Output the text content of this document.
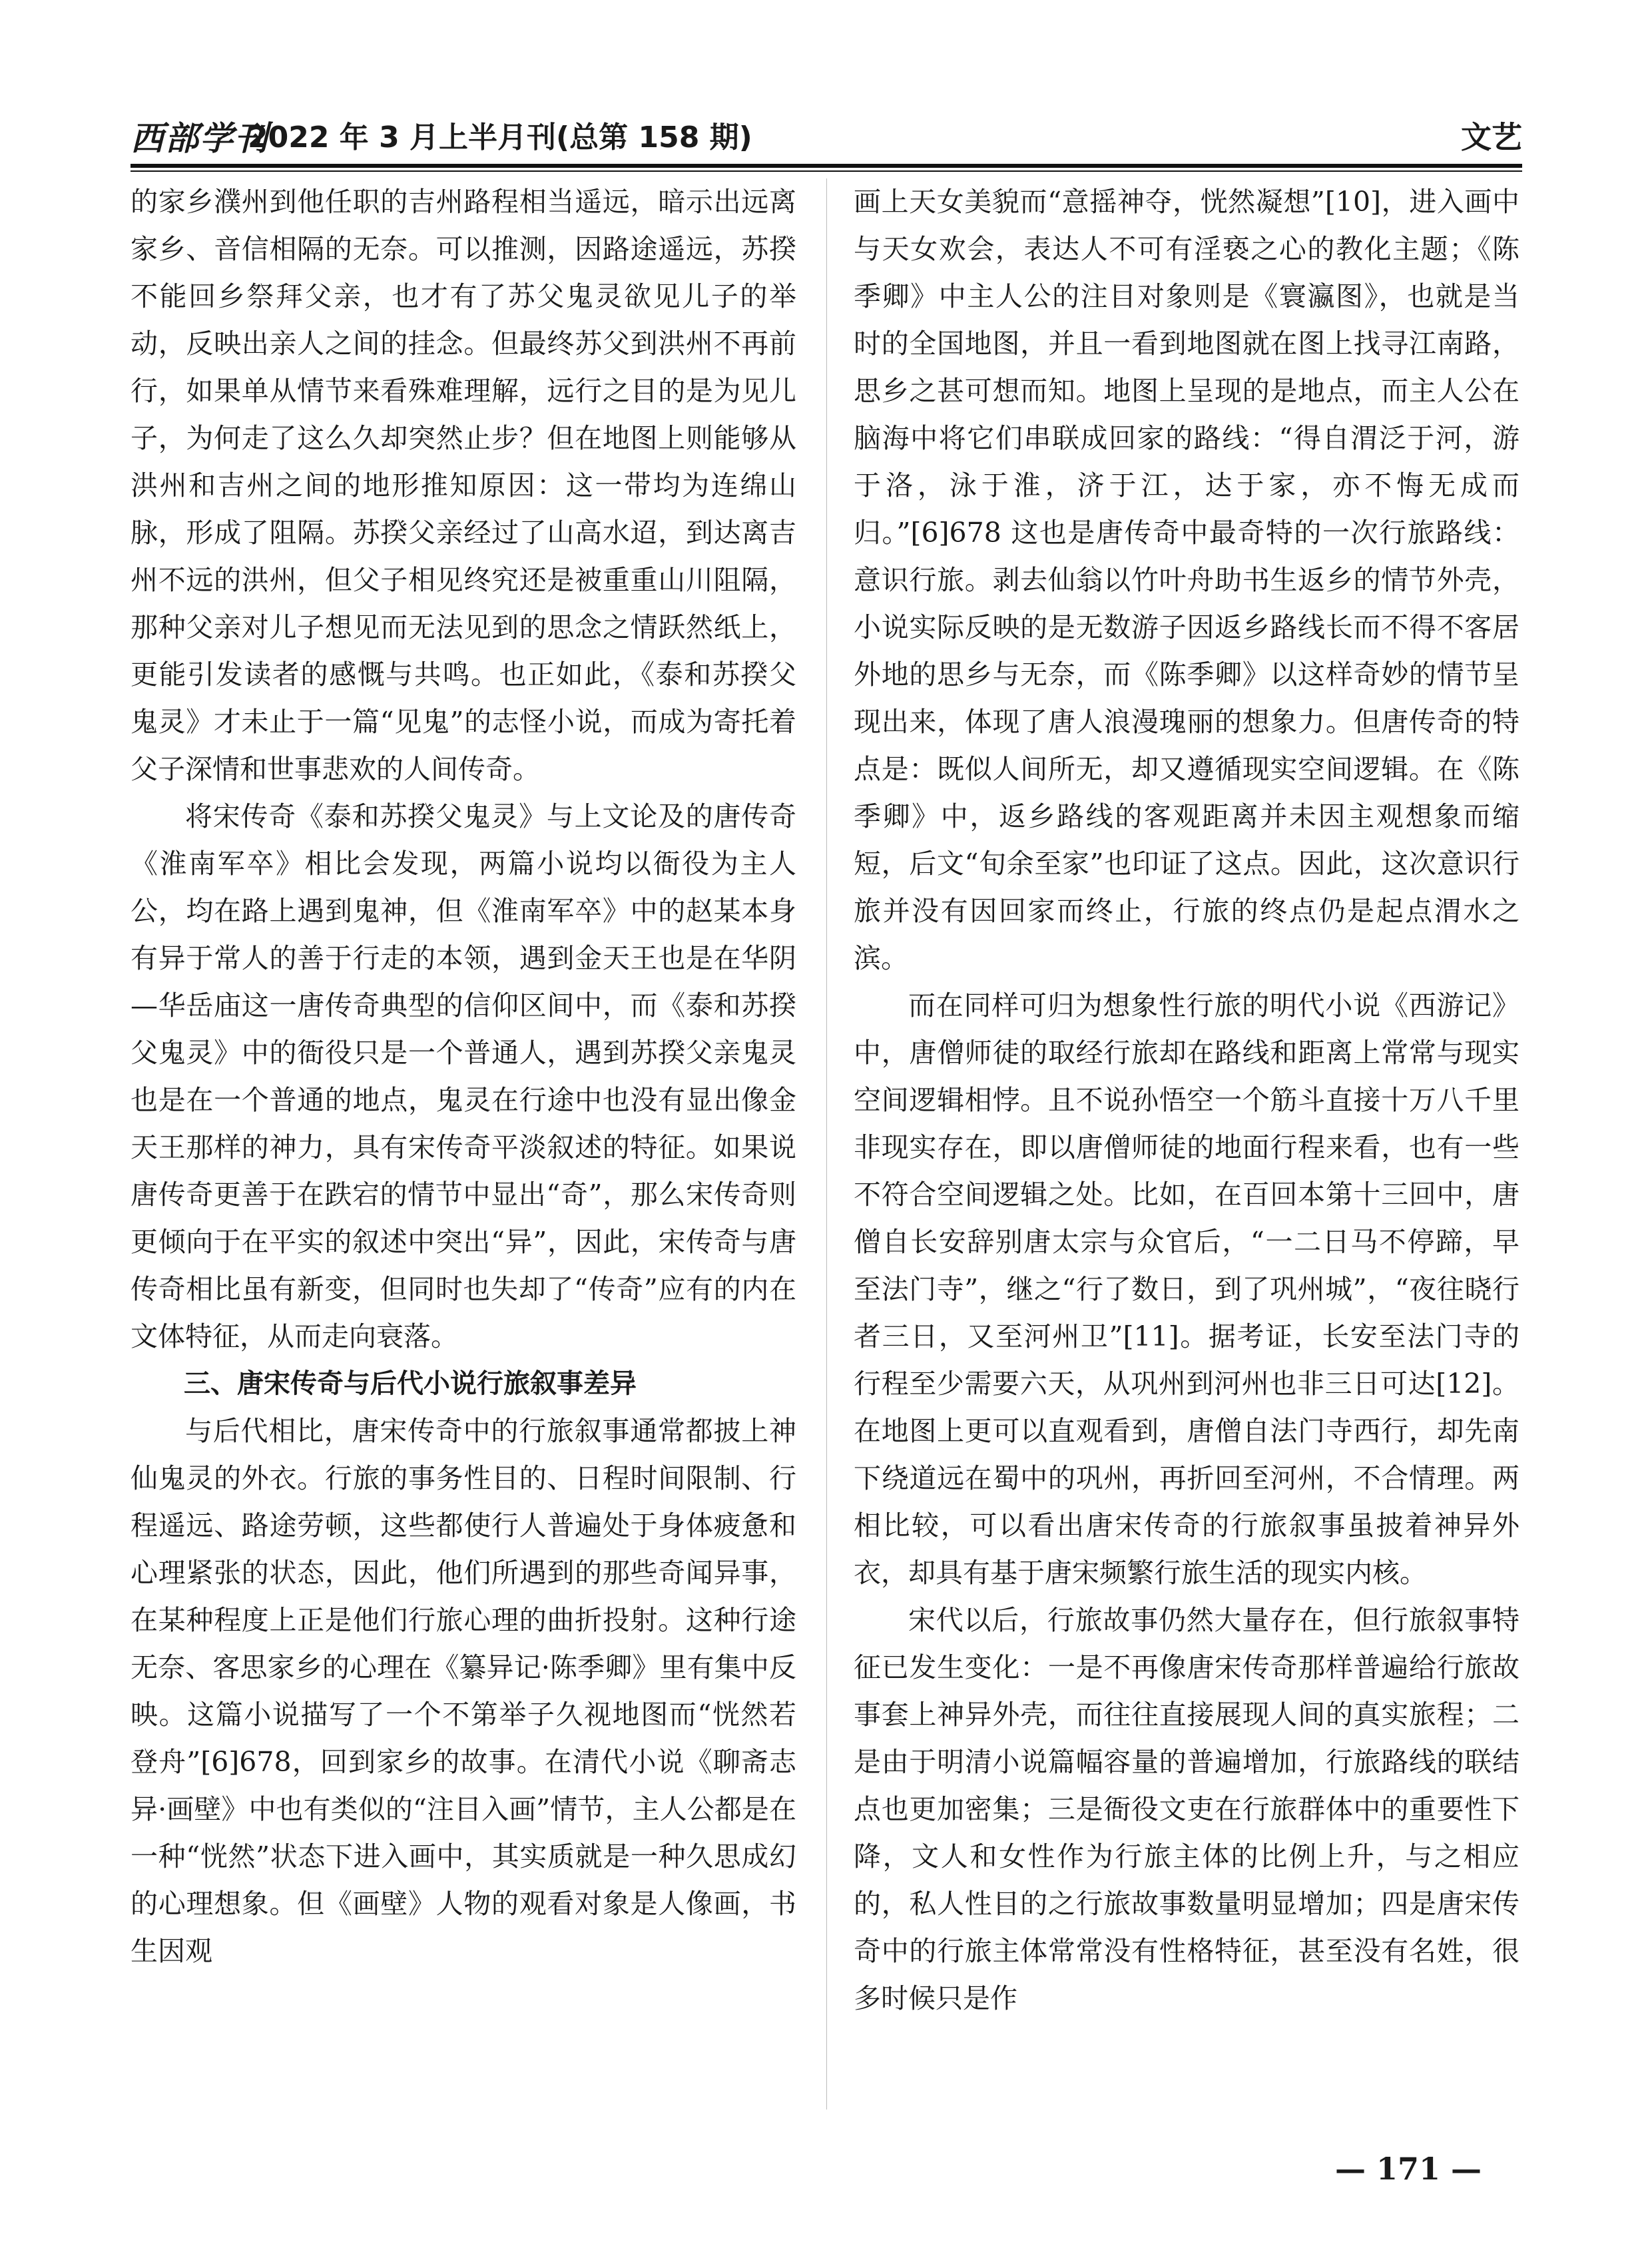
西部学刊
2022 年 3 月上半月刊(总第 158 期)	文艺

的家乡濮州到他任职的吉州路程相当遥远，暗示出远离家乡、音信相隔的无奈。可以推测，因路途遥远，苏揆不能回乡祭拜父亲，也才有了苏父鬼灵欲见儿子的举动，反映出亲人之间的挂念。但最终苏父到洪州不再前行，如果单从情节来看殊难理解，远行之目的是为见儿子，为何走了这么久却突然止步？但在地图上则能够从洪州和吉州之间的地形推知原因：这一带均为连绵山脉，形成了阻隔。苏揆父亲经过了山高水迢，到达离吉州不远的洪州，但父子相见终究还是被重重山川阻隔，那种父亲对儿子想见而无法见到的思念之情跃然纸上，更能引发读者的感慨与共鸣。也正如此，《泰和苏揆父鬼灵》才未止于一篇“见鬼”的志怪小说，而成为寄托着父子深情和世事悲欢的人间传奇。

将宋传奇《泰和苏揆父鬼灵》与上文论及的唐传奇《淮南军卒》相比会发现，两篇小说均以衙役为主人公，均在路上遇到鬼神，但《淮南军卒》中的赵某本身有异于常人的善于行走的本领，遇到金天王也是在华阴—华岳庙这一唐传奇典型的信仰区间中，而《泰和苏揆父鬼灵》中的衙役只是一个普通人，遇到苏揆父亲鬼灵也是在一个普通的地点，鬼灵在行途中也没有显出像金天王那样的神力，具有宋传奇平淡叙述的特征。如果说唐传奇更善于在跌宕的情节中显出“奇”，那么宋传奇则更倾向于在平实的叙述中突出“异”，因此，宋传奇与唐传奇相比虽有新变，但同时也失却了“传奇”应有的内在文体特征，从而走向衰落。

三、唐宋传奇与后代小说行旅叙事差异

与后代相比，唐宋传奇中的行旅叙事通常都披上神仙鬼灵的外衣。行旅的事务性目的、日程时间限制、行程遥远、路途劳顿，这些都使行人普遍处于身体疲惫和心理紧张的状态，因此，他们所遇到的那些奇闻异事，在某种程度上正是他们行旅心理的曲折投射。这种行途无奈、客思家乡的心理在《纂异记·陈季卿》里有集中反映。这篇小说描写了一个不第举子久视地图而“恍然若登舟”[6]678，回到家乡的故事。在清代小说《聊斋志异·画壁》中也有类似的“注目入画”情节，主人公都是在一种“恍然”状态下进入画中，其实质就是一种久思成幻的心理想象。但《画壁》人物的观看对象是人像画，书生因观

画上天女美貌而“意摇神夺，恍然凝想”[10]，进入画中与天女欢会，表达人不可有淫亵之心的教化主题；《陈季卿》中主人公的注目对象则是《寰瀛图》，也就是当时的全国地图，并且一看到地图就在图上找寻江南路，思乡之甚可想而知。地图上呈现的是地点，而主人公在脑海中将它们串联成回家的路线：“得自渭泛于河，游于洛，泳于淮，济于江，达于家，亦不悔无成而归。”[6]678 这也是唐传奇中最奇特的一次行旅路线：意识行旅。剥去仙翁以竹叶舟助书生返乡的情节外壳，小说实际反映的是无数游子因返乡路线长而不得不客居外地的思乡与无奈，而《陈季卿》以这样奇妙的情节呈现出来，体现了唐人浪漫瑰丽的想象力。但唐传奇的特点是：既似人间所无，却又遵循现实空间逻辑。在《陈季卿》中，返乡路线的客观距离并未因主观想象而缩短，后文“旬余至家”也印证了这点。因此，这次意识行旅并没有因回家而终止，行旅的终点仍是起点渭水之滨。

而在同样可归为想象性行旅的明代小说《西游记》中，唐僧师徒的取经行旅却在路线和距离上常常与现实空间逻辑相悖。且不说孙悟空一个筋斗直接十万八千里非现实存在，即以唐僧师徒的地面行程来看，也有一些不符合空间逻辑之处。比如，在百回本第十三回中，唐僧自长安辞别唐太宗与众官后，“一二日马不停蹄，早至法门寺”，继之“行了数日，到了巩州城”，“夜往晓行者三日，又至河州卫”[11]。据考证，长安至法门寺的行程至少需要六天，从巩州到河州也非三日可达[12]。在地图上更可以直观看到，唐僧自法门寺西行，却先南下绕道远在蜀中的巩州，再折回至河州，不合情理。两相比较，可以看出唐宋传奇的行旅叙事虽披着神异外衣，却具有基于唐宋频繁行旅生活的现实内核。

宋代以后，行旅故事仍然大量存在，但行旅叙事特征已发生变化：一是不再像唐宋传奇那样普遍给行旅故事套上神异外壳，而往往直接展现人间的真实旅程；二是由于明清小说篇幅容量的普遍增加，行旅路线的联结点也更加密集；三是衙役文吏在行旅群体中的重要性下降，文人和女性作为行旅主体的比例上升，与之相应的，私人性目的之行旅故事数量明显增加；四是唐宋传奇中的行旅主体常常没有性格特征，甚至没有名姓，很多时候只是作

— 171 —
